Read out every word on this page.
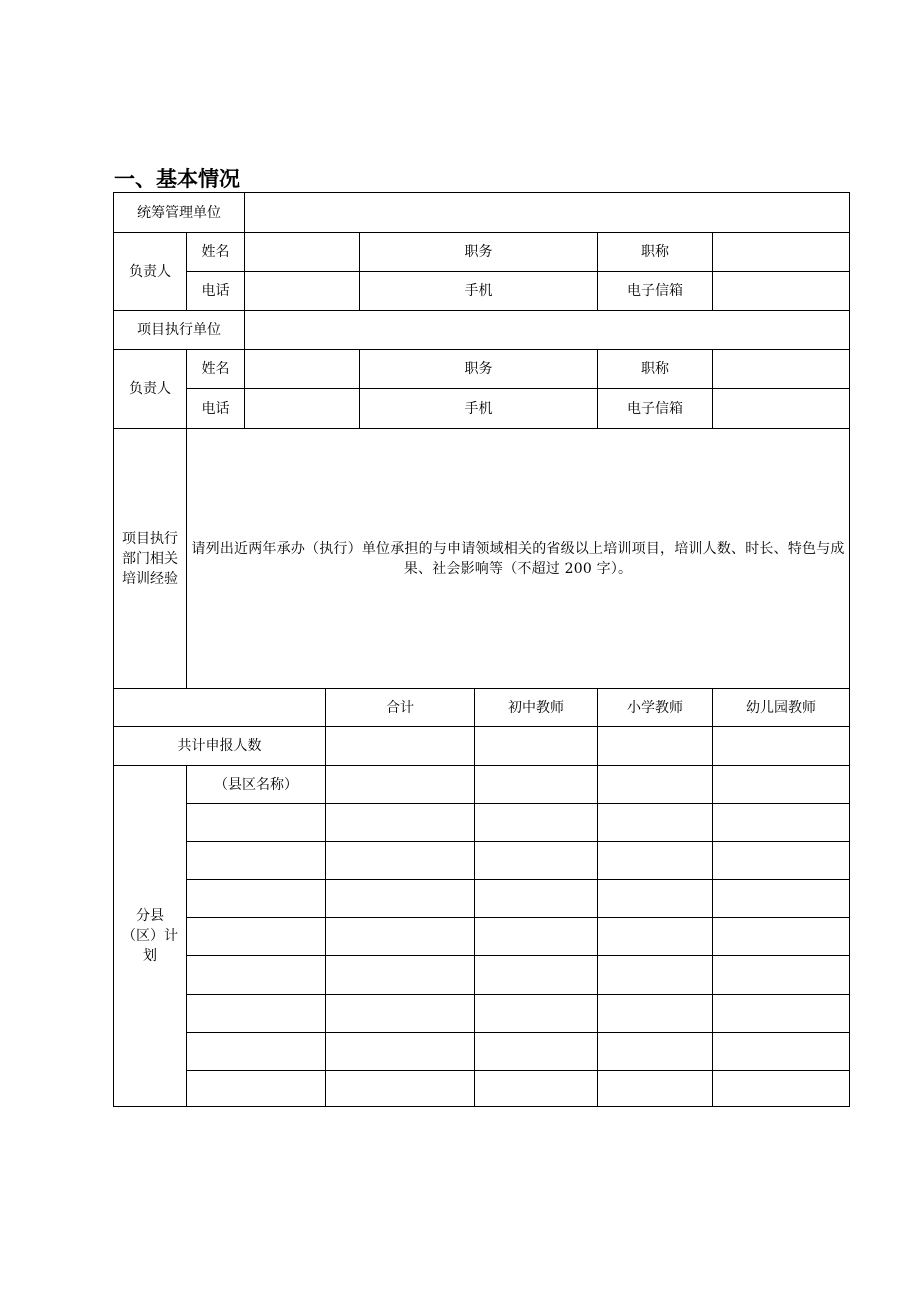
一、基本情况
统筹管理单位							
负责人	姓名			职务		职称	
	电话			手机		电子信箱	
项目执行单位							
负责人	姓名			职务		职称	
	电话			手机		电子信箱	

项目执行
部门相关
培训经验	请列出近两年承办（执行）单位承担的与申请领域相关的省级以上培训项目，培训人数、时长、特色与成果、社会影响等（不超过 200 字）。						
			合计		初中教师	小学教师	幼儿园教师
共计申报人数							

分县
（区）计
划	（县区名称）						
